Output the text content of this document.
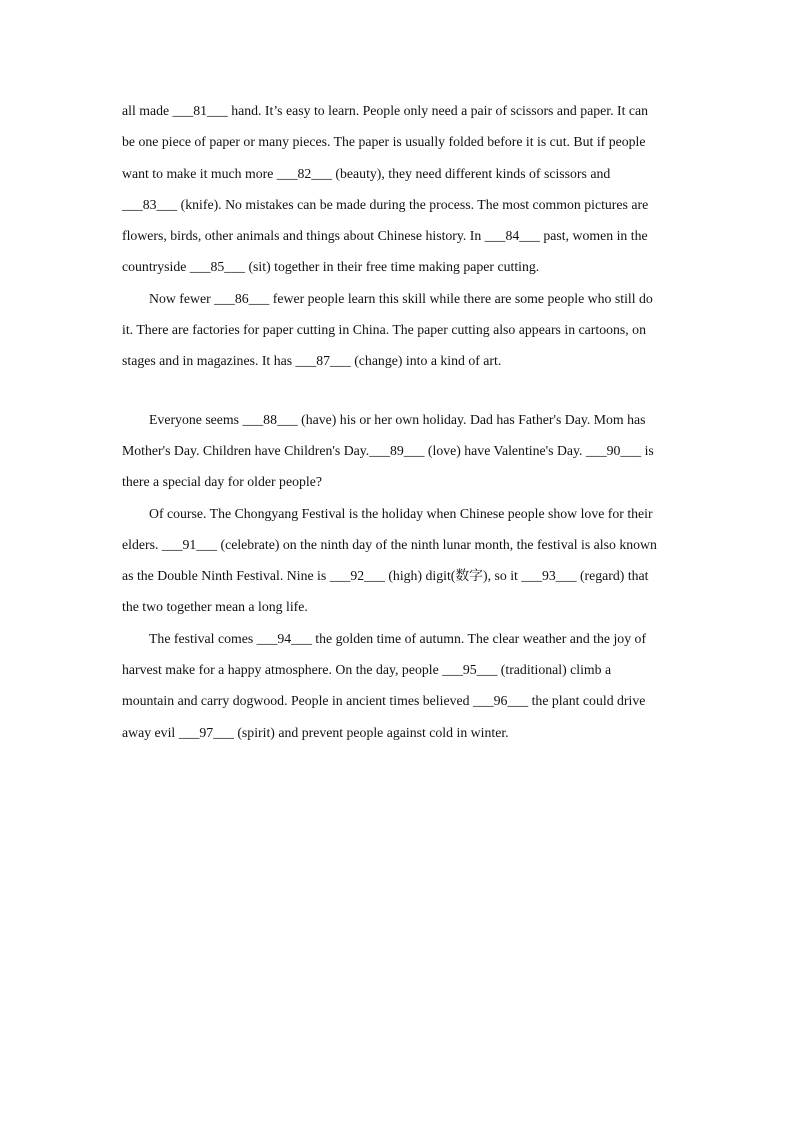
all made ___81___ hand. It’s easy to learn. People only need a pair of scissors and paper. It can
be one piece of paper or many pieces. The paper is usually folded before it is cut. But if people
want to make it much more ___82___ (beauty), they need different kinds of scissors and
___83___ (knife). No mistakes can be made during the process. The most common pictures are
flowers, birds, other animals and things about Chinese history. In ___84___ past, women in the
countryside ___85___ (sit) together in their free time making paper cutting.
Now fewer ___86___ fewer people learn this skill while there are some people who still do
it. There are factories for paper cutting in China. The paper cutting also appears in cartoons, on
stages and in magazines. It has ___87___ (change) into a kind of art.
Everyone seems ___88___ (have) his or her own holiday. Dad has Father's Day. Mom has
Mother's Day. Children have Children's Day.___89___ (love) have Valentine's Day. ___90___ is
there a special day for older people?
Of course. The Chongyang Festival is the holiday when Chinese people show love for their
elders. ___91___ (celebrate) on the ninth day of the ninth lunar month, the festival is also known
as the Double Ninth Festival. Nine is ___92___ (high) digit(数字), so it ___93___ (regard) that
the two together mean a long life.
The festival comes ___94___ the golden time of autumn. The clear weather and the joy of
harvest make for a happy atmosphere. On the day, people ___95___ (traditional) climb a
mountain and carry dogwood. People in ancient times believed ___96___ the plant could drive
away evil ___97___ (spirit) and prevent people against cold in winter.
